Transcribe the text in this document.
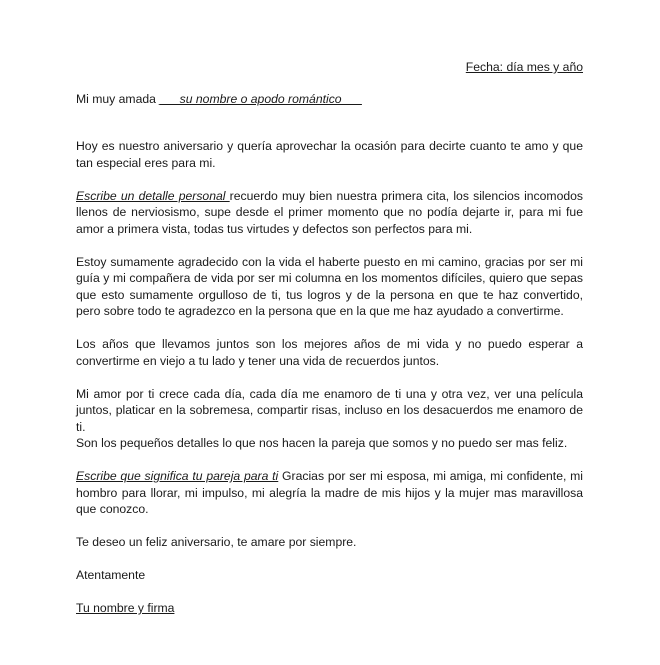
Fecha: día mes y año
Mi muy amada ___su nombre o apodo romántico___

Hoy es nuestro aniversario y quería aprovechar la ocasión para decirte cuanto te amo y que tan especial eres para mi.

Escribe un detalle personal recuerdo muy bien nuestra primera cita, los silencios incomodos llenos de nerviosismo, supe desde el primer momento que no podía dejarte ir, para mi fue amor a primera vista, todas tus virtudes y defectos son perfectos para mi.

Estoy sumamente agradecido con la vida el haberte puesto en mi camino, gracias por ser mi guía y mi compañera de vida por ser mi columna en los momentos difíciles, quiero que sepas que esto sumamente orgulloso de ti, tus logros y de la persona en que te haz convertido, pero sobre todo te agradezco en la persona que en la que me haz ayudado a convertirme.

Los años que llevamos juntos son los mejores años de mi vida y no puedo esperar a convertirme en viejo a tu lado y tener una vida de recuerdos juntos.

Mi amor por ti crece cada día, cada día me enamoro de ti una y otra vez, ver una película juntos, platicar en la sobremesa, compartir risas, incluso en los desacuerdos me enamoro de ti.

Son los pequeños detalles lo que nos hacen la pareja que somos y no puedo ser mas feliz.

Escribe que significa tu pareja para ti Gracias por ser mi esposa, mi amiga, mi confidente, mi hombro para llorar, mi impulso, mi alegría la madre de mis hijos y la mujer mas maravillosa que conozco.

Te deseo un feliz aniversario, te amare por siempre.

Atentamente

Tu nombre y firma
